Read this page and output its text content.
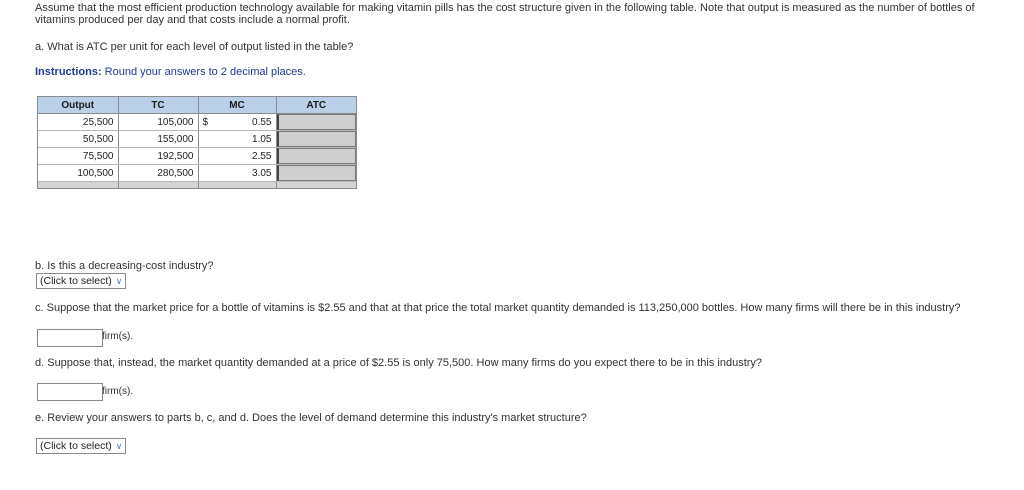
Assume that the most efficient production technology available for making vitamin pills has the cost structure given in the following table. Note that output is measured as the number of bottles of vitamins produced per day and that costs include a normal profit.
a. What is ATC per unit for each level of output listed in the table?
Instructions: Round your answers to 2 decimal places.
Output	TC	MC	ATC
25,500	105,000	$ 0.55	

50,500	155,000	1.05	

75,500	192,500	2.55	

100,500	280,500	3.05	

b. Is this a decreasing-cost industry?
(Click to select) ∨
c. Suppose that the market price for a bottle of vitamins is $2.55 and that at that price the total market quantity demanded is 113,250,000 bottles. How many firms will there be in this industry?
firm(s).
d. Suppose that, instead, the market quantity demanded at a price of $2.55 is only 75,500. How many firms do you expect there to be in this industry?
firm(s).
e. Review your answers to parts b, c, and d. Does the level of demand determine this industry's market structure?
(Click to select) ∨
